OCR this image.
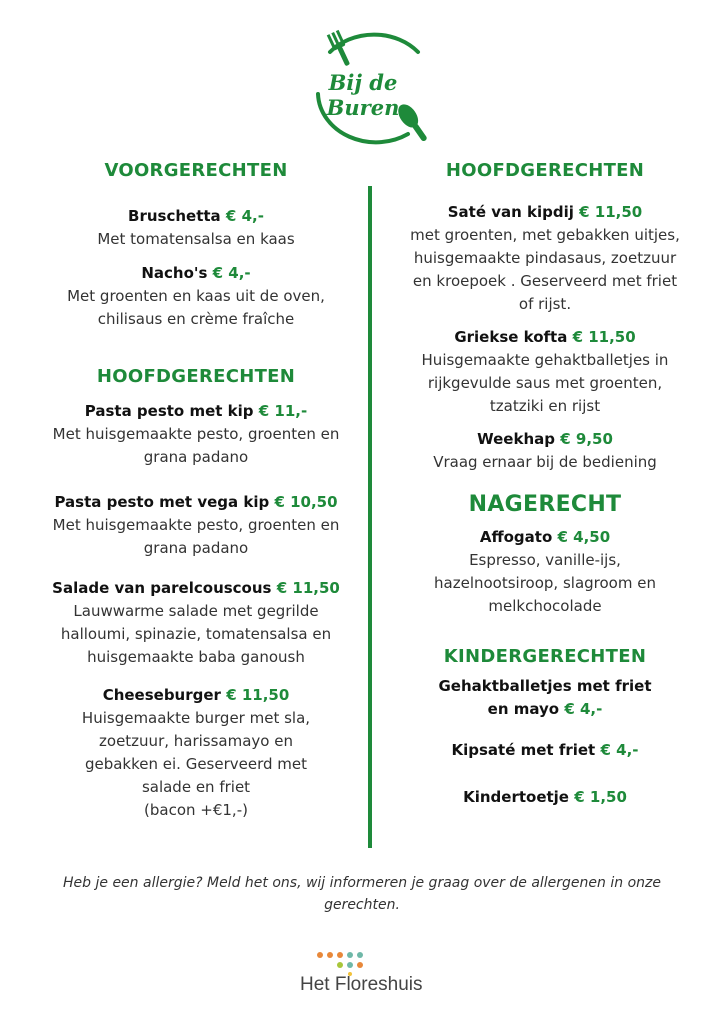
Bij de Buren
VOORGERECHTEN
Bruschetta € 4,-
Met tomatensalsa en kaas
Nacho's € 4,-
Met groenten en kaas uit de oven,
chilisaus en crème fraîche
HOOFDGERECHTEN
Pasta pesto met kip € 11,-
Met huisgemaakte pesto, groenten en
grana padano
Pasta pesto met vega kip € 10,50
Met huisgemaakte pesto, groenten en
grana padano
Salade van parelcouscous € 11,50
Lauwwarme salade met gegrilde
halloumi, spinazie, tomatensalsa en
huisgemaakte baba ganoush
Cheeseburger € 11,50
Huisgemaakte burger met sla,
zoetzuur, harissamayo en
gebakken ei. Geserveerd met
salade en friet
(bacon +€1,-)
HOOFDGERECHTEN
Saté van kipdij € 11,50
met groenten, met gebakken uitjes,
huisgemaakte pindasaus, zoetzuur
en kroepoek . Geserveerd met friet
of rijst.
Griekse kofta € 11,50
Huisgemaakte gehaktballetjes in
rijkgevulde saus met groenten,
tzatziki en rijst
Weekhap € 9,50
Vraag ernaar bij de bediening
NAGERECHT
Affogato € 4,50
Espresso, vanille-ijs,
hazelnootsiroop, slagroom en
melkchocolade
KINDERGERECHTEN
Gehaktballetjes met friet
en mayo € 4,-
Kipsaté met friet € 4,-
Kindertoetje € 1,50
Heb je een allergie? Meld het ons, wij informeren je graag over de allergenen in onze gerechten.
Het Floreshuis
